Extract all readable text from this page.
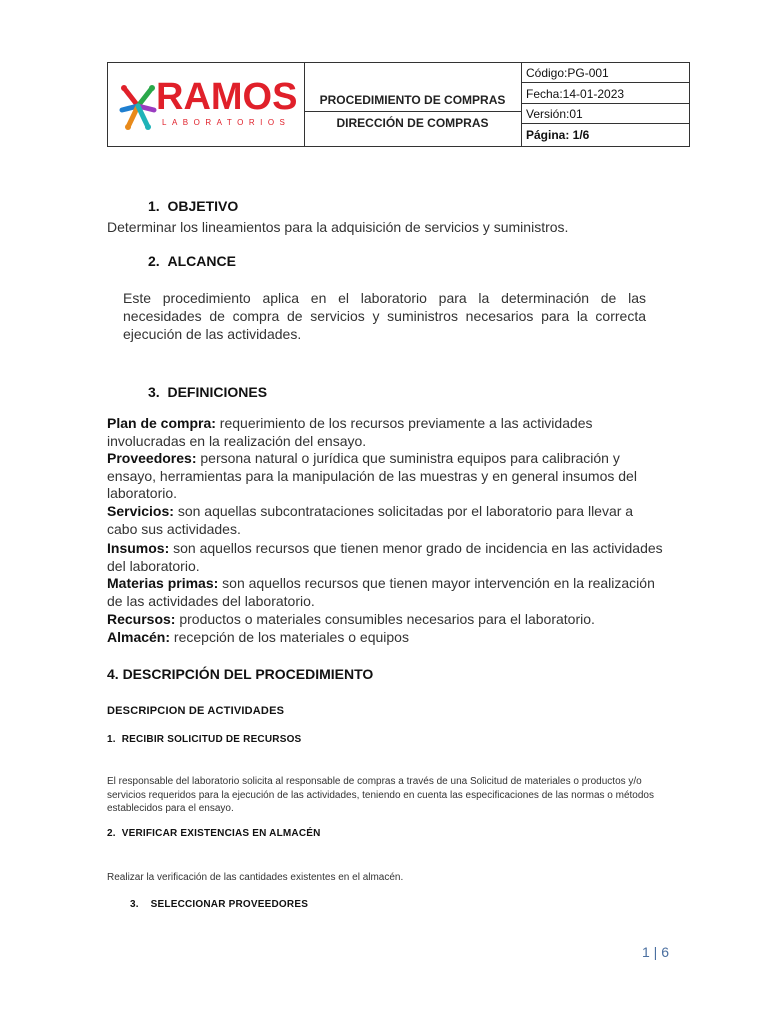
RAMOS
LABORATORIOS
PROCEDIMIENTO DE COMPRAS
DIRECCIÓN DE COMPRAS
Código:PG-001
Fecha:14-01-2023
Versión:01
Página: 1/6
1. OBJETIVO
Determinar los lineamientos para la adquisición de servicios y suministros.
2. ALCANCE
Este procedimiento aplica en el laboratorio para la determinación de las necesidades de compra de servicios y suministros necesarios para la correcta ejecución de las actividades.
3. DEFINICIONES
Plan de compra: requerimiento de los recursos previamente a las actividades involucradas en la realización del ensayo.
Proveedores: persona natural o jurídica que suministra equipos para calibración y ensayo, herramientas para la manipulación de las muestras y en general insumos del laboratorio.
Servicios: son aquellas subcontrataciones solicitadas por el laboratorio para llevar a cabo sus actividades.
Insumos: son aquellos recursos que tienen menor grado de incidencia en las actividades del laboratorio.
Materias primas: son aquellos recursos que tienen mayor intervención en la realización de las actividades del laboratorio.
Recursos: productos o materiales consumibles necesarios para el laboratorio.
Almacén: recepción de los materiales o equipos
4. DESCRIPCIÓN DEL PROCEDIMIENTO
DESCRIPCION DE ACTIVIDADES
1. RECIBIR SOLICITUD DE RECURSOS
El responsable del laboratorio solicita al responsable de compras a través de una Solicitud de materiales o productos y/o servicios requeridos para la ejecución de las actividades, teniendo en cuenta las especificaciones de las normas o métodos establecidos para el ensayo.
2. VERIFICAR EXISTENCIAS EN ALMACÉN
Realizar la verificación de las cantidades existentes en el almacén.
3. SELECCIONAR PROVEEDORES
1 | 6
